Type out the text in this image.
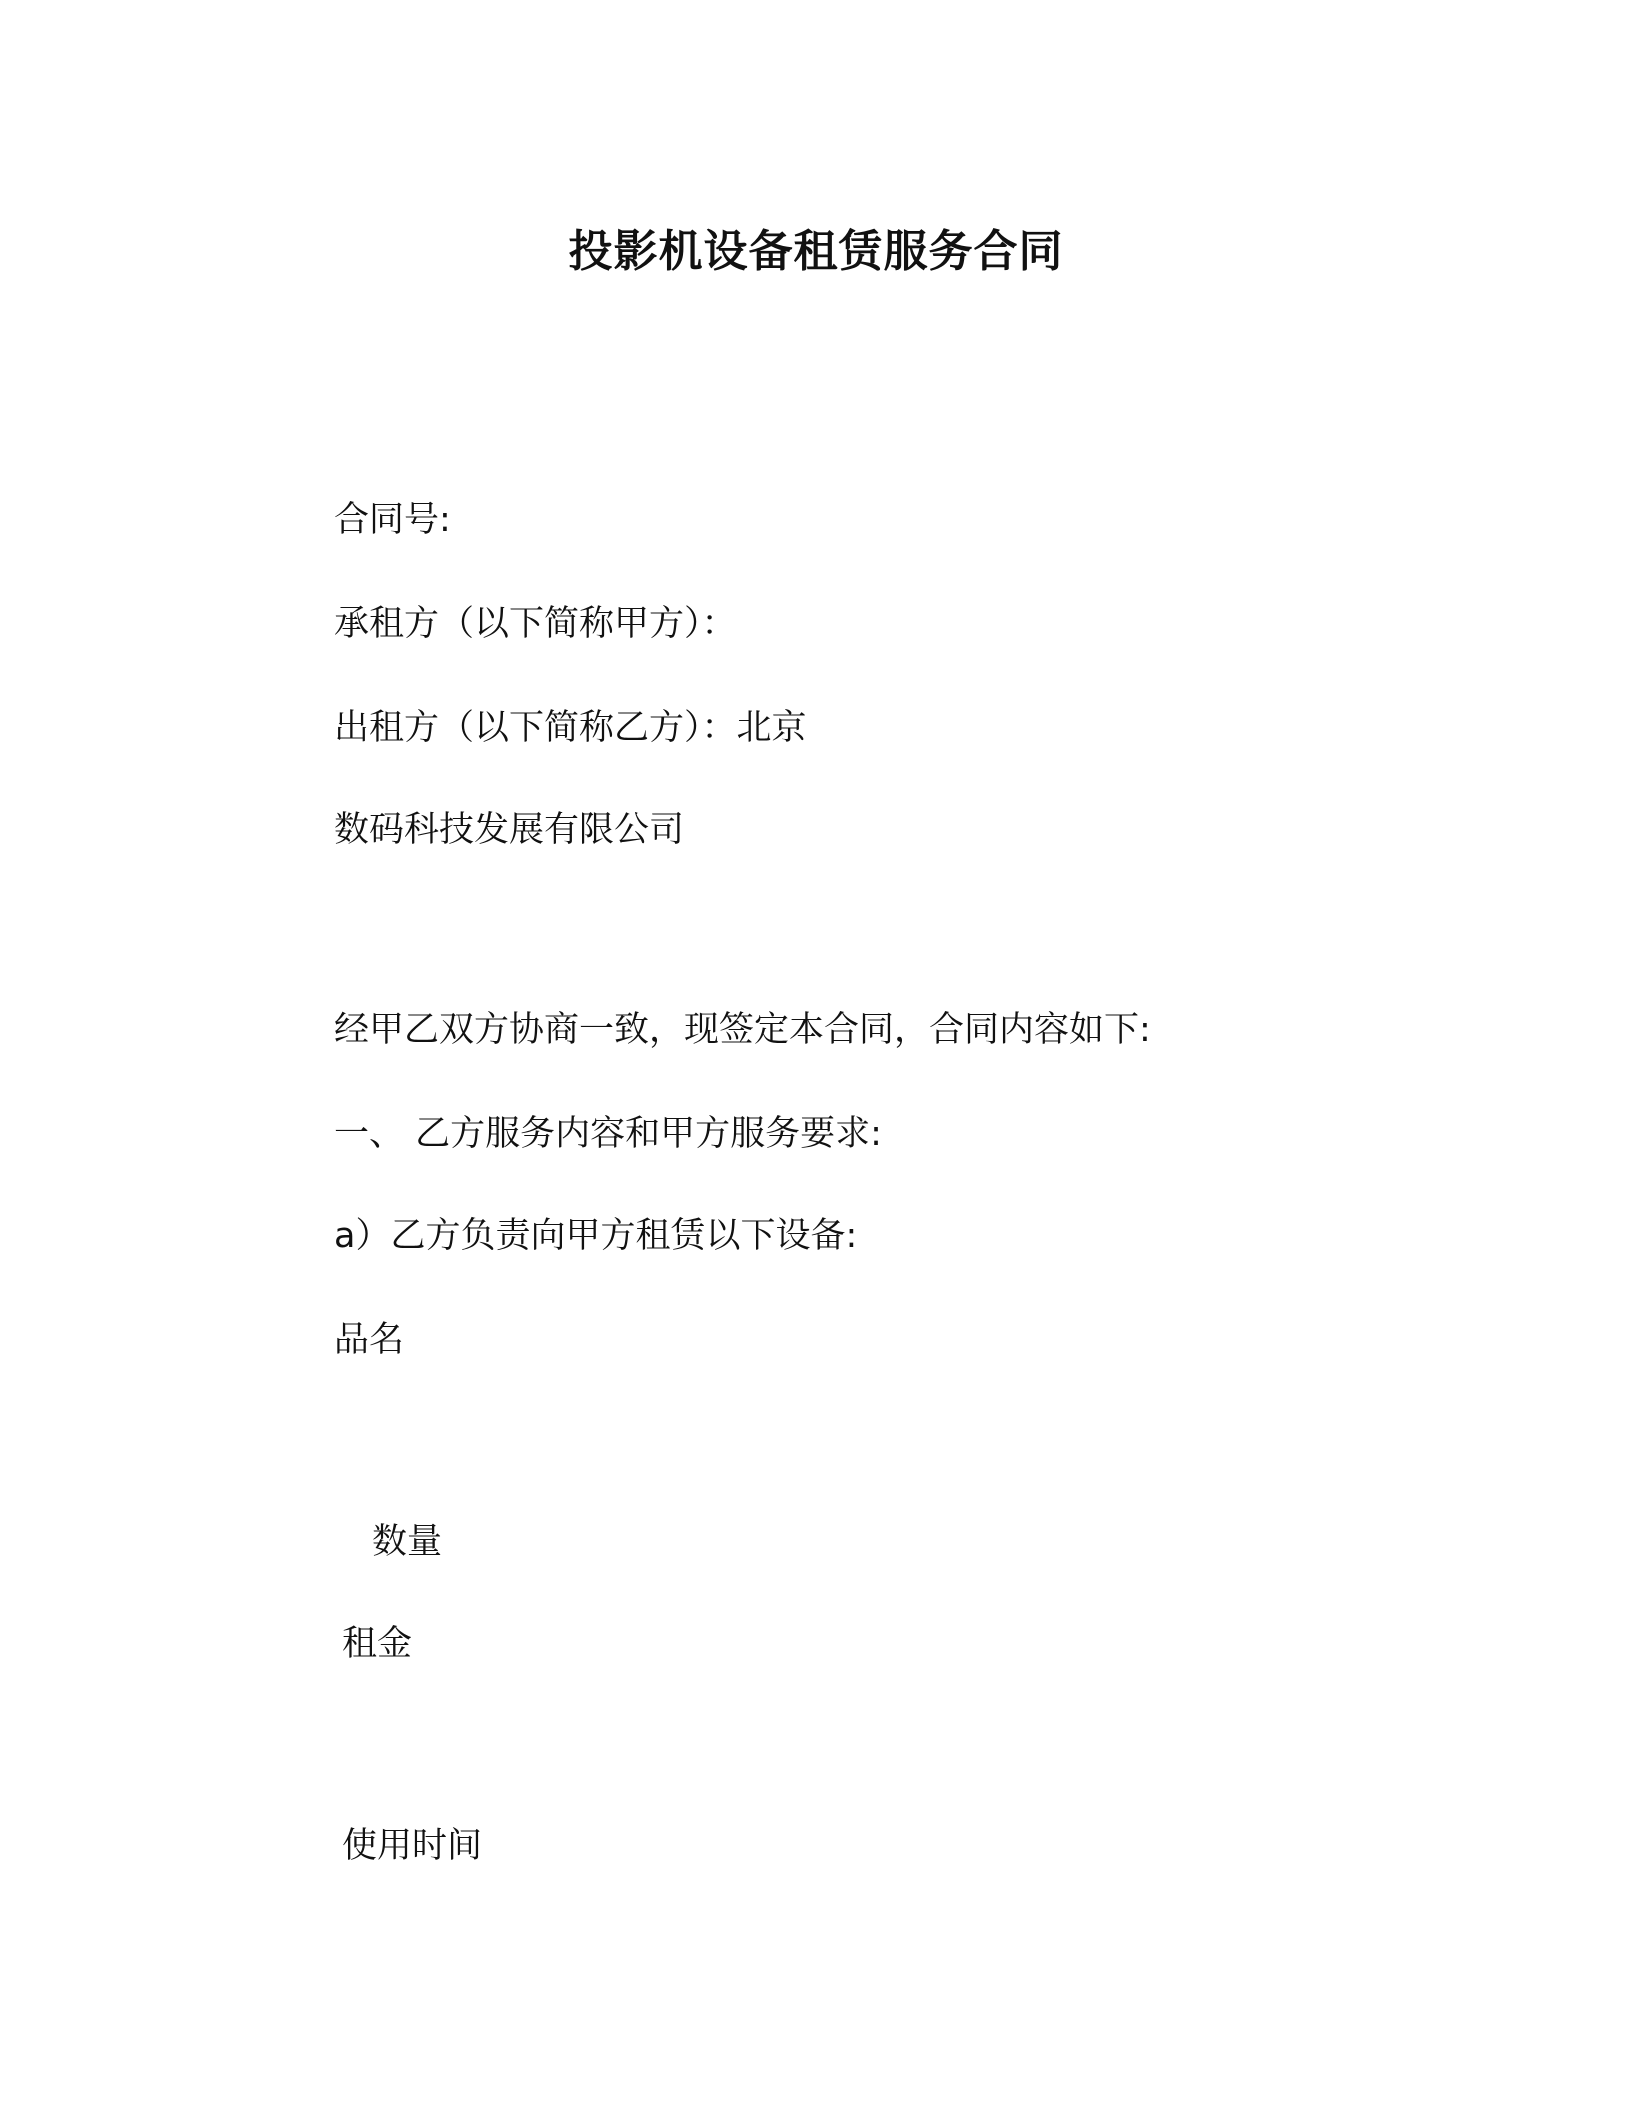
投影机设备租赁服务合同
合同号:
承租方（以下简称甲方）：
出租方（以下简称乙方）：北京
数码科技发展有限公司
经甲乙双方协商一致，现签定本合同，合同内容如下:
一、 乙方服务内容和甲方服务要求:
a）乙方负责向甲方租赁以下设备:
品名
数量
租金
使用时间
